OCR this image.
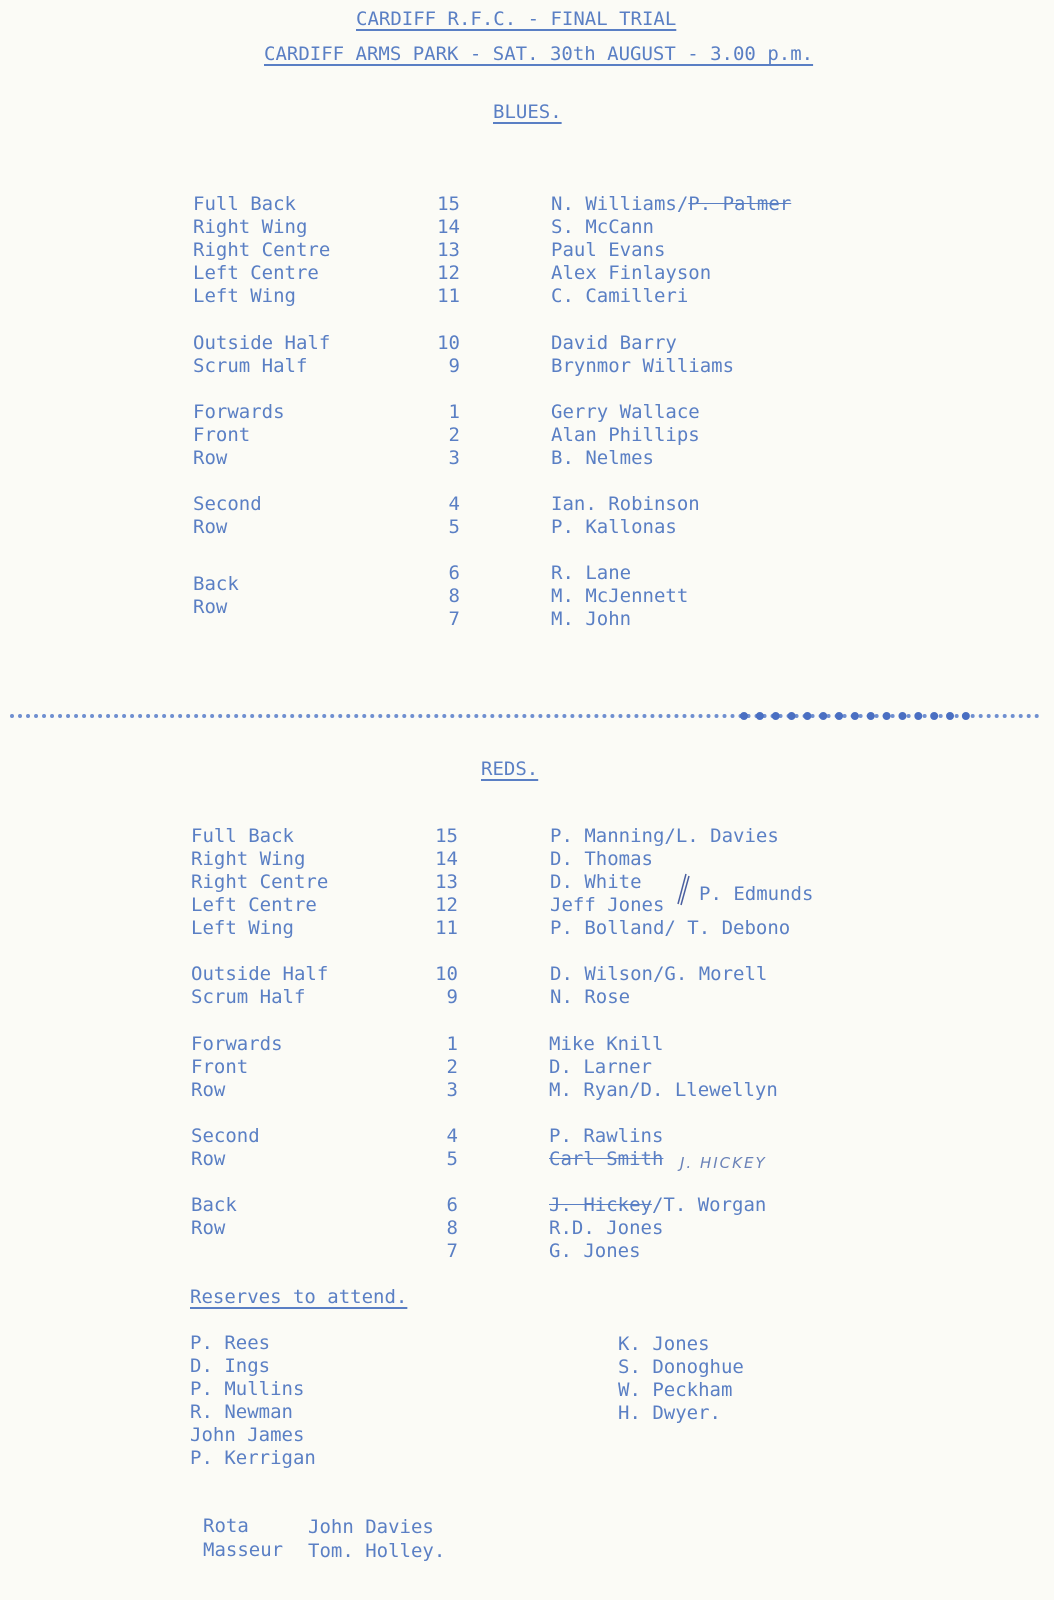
CARDIFF R.F.C. - FINAL TRIAL
CARDIFF ARMS PARK - SAT. 30th AUGUST - 3.00 p.m.
BLUES.
Full Back
Right Wing
Right Centre
Left Centre
Left Wing
Outside Half
Scrum Half
Forwards
Front
Row
Second
Row
Back
Row
15
14
13
12
11
10
9
1
2
3
4
5
6
8
7
N. Williams/P. Palmer
S. McCann
Paul Evans
Alex Finlayson
C. Camilleri
David Barry
Brynmor Williams
Gerry Wallace
Alan Phillips
B. Nelmes
Ian. Robinson
P. Kallonas
R. Lane
M. McJennett
M. John
REDS.
Full Back
Right Wing
Right Centre
Left Centre
Left Wing
Outside Half
Scrum Half
Forwards
Front
Row
Second
Row
Back
Row
15
14
13
12
11
10
9
1
2
3
4
5
6
8
7
P. Manning/L. Davies
D. Thomas
D. White
Jeff Jones P. Edmunds
P. Bolland/ T. Debono
D. Wilson/G. Morell
N. Rose
Mike Knill
D. Larner
M. Ryan/D. Llewellyn
P. Rawlins
Carl Smith J. HICKEY
J. Hickey/T. Worgan
R.D. Jones
G. Jones
Reserves to attend.
P. Rees
D. Ings
P. Mullins
R. Newman
John James
P. Kerrigan
K. Jones
S. Donoghue
W. Peckham
H. Dwyer.
Rota	John Davies
Masseur Tom. Holley.
